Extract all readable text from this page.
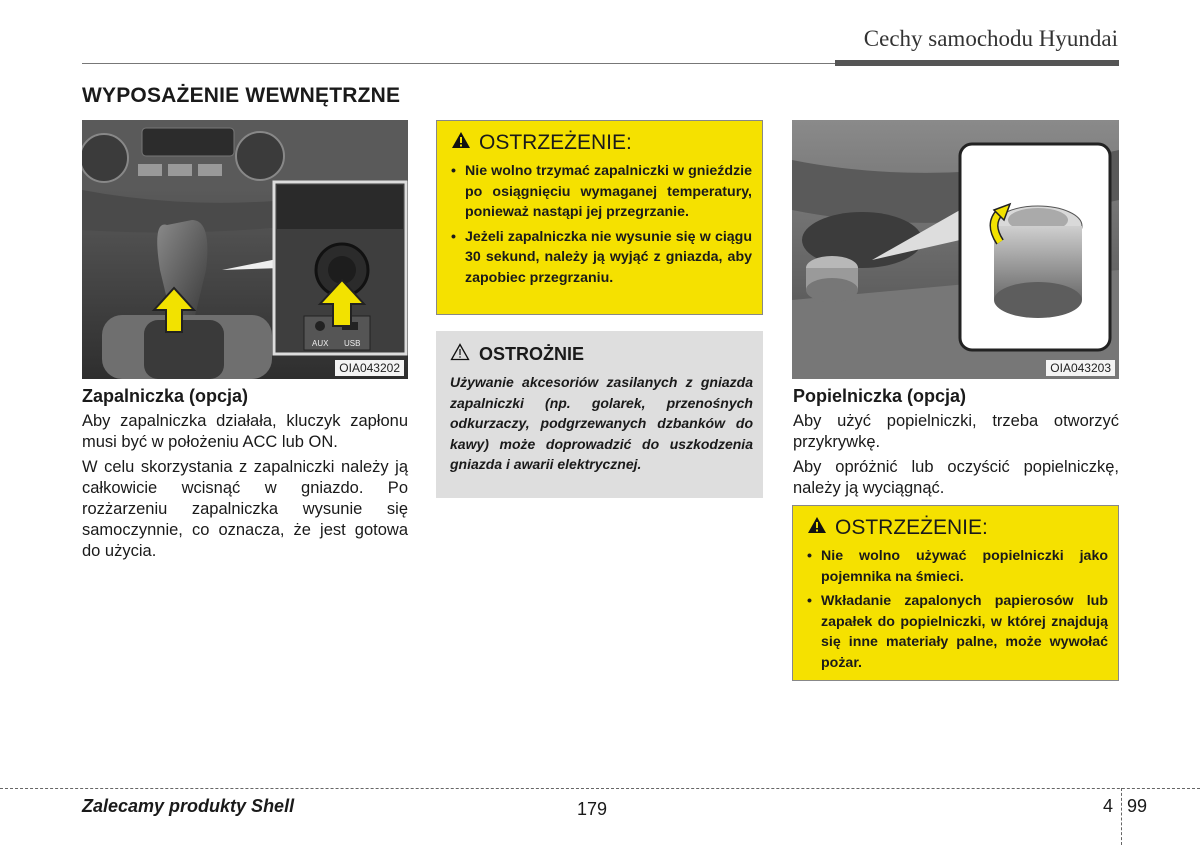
Cechy samochodu Hyundai
WYPOSAŻENIE WEWNĘTRZNE
AUX USB
OIA043202
Zapalniczka (opcja)

Aby zapalniczka działała, kluczyk zapłonu musi być w położeniu ACC lub ON.

W celu skorzystania z zapalniczki należy ją całkowicie wcisnąć w gniazdo. Po rozżarzeniu zapalniczka wysunie się samoczynnie, co oznacza, że jest gotowa do użycia.

OSTRZEŻENIE:
• Nie wolno trzymać zapalniczki w gnieździe po osiągnięciu wymaganej temperatury, ponieważ nastąpi jej przegrzanie.
• Jeżeli zapalniczka nie wysunie się w ciągu 30 sekund, należy ją wyjąć z gniazda, aby zapobiec przegrzaniu.
OSTROŻNIE
Używanie akcesoriów zasilanych z gniazda zapalniczki (np. golarek, przenośnych odkurzaczy, podgrzewanych dzbanków do kawy) może doprowadzić do uszkodzenia gniazda i awarii elektrycznej.
OIA043203
Popielniczka (opcja)

Aby użyć popielniczki, trzeba otworzyć przykrywkę.

Aby opróżnić lub oczyścić popielniczkę, należy ją wyciągnąć.

OSTRZEŻENIE:
• Nie wolno używać popielniczki jako pojemnika na śmieci.
• Wkładanie zapalonych papierosów lub zapałek do popielniczki, w której znajdują się inne materiały palne, może wywołać pożar.
Zalecamy produkty Shell	179	4 99
